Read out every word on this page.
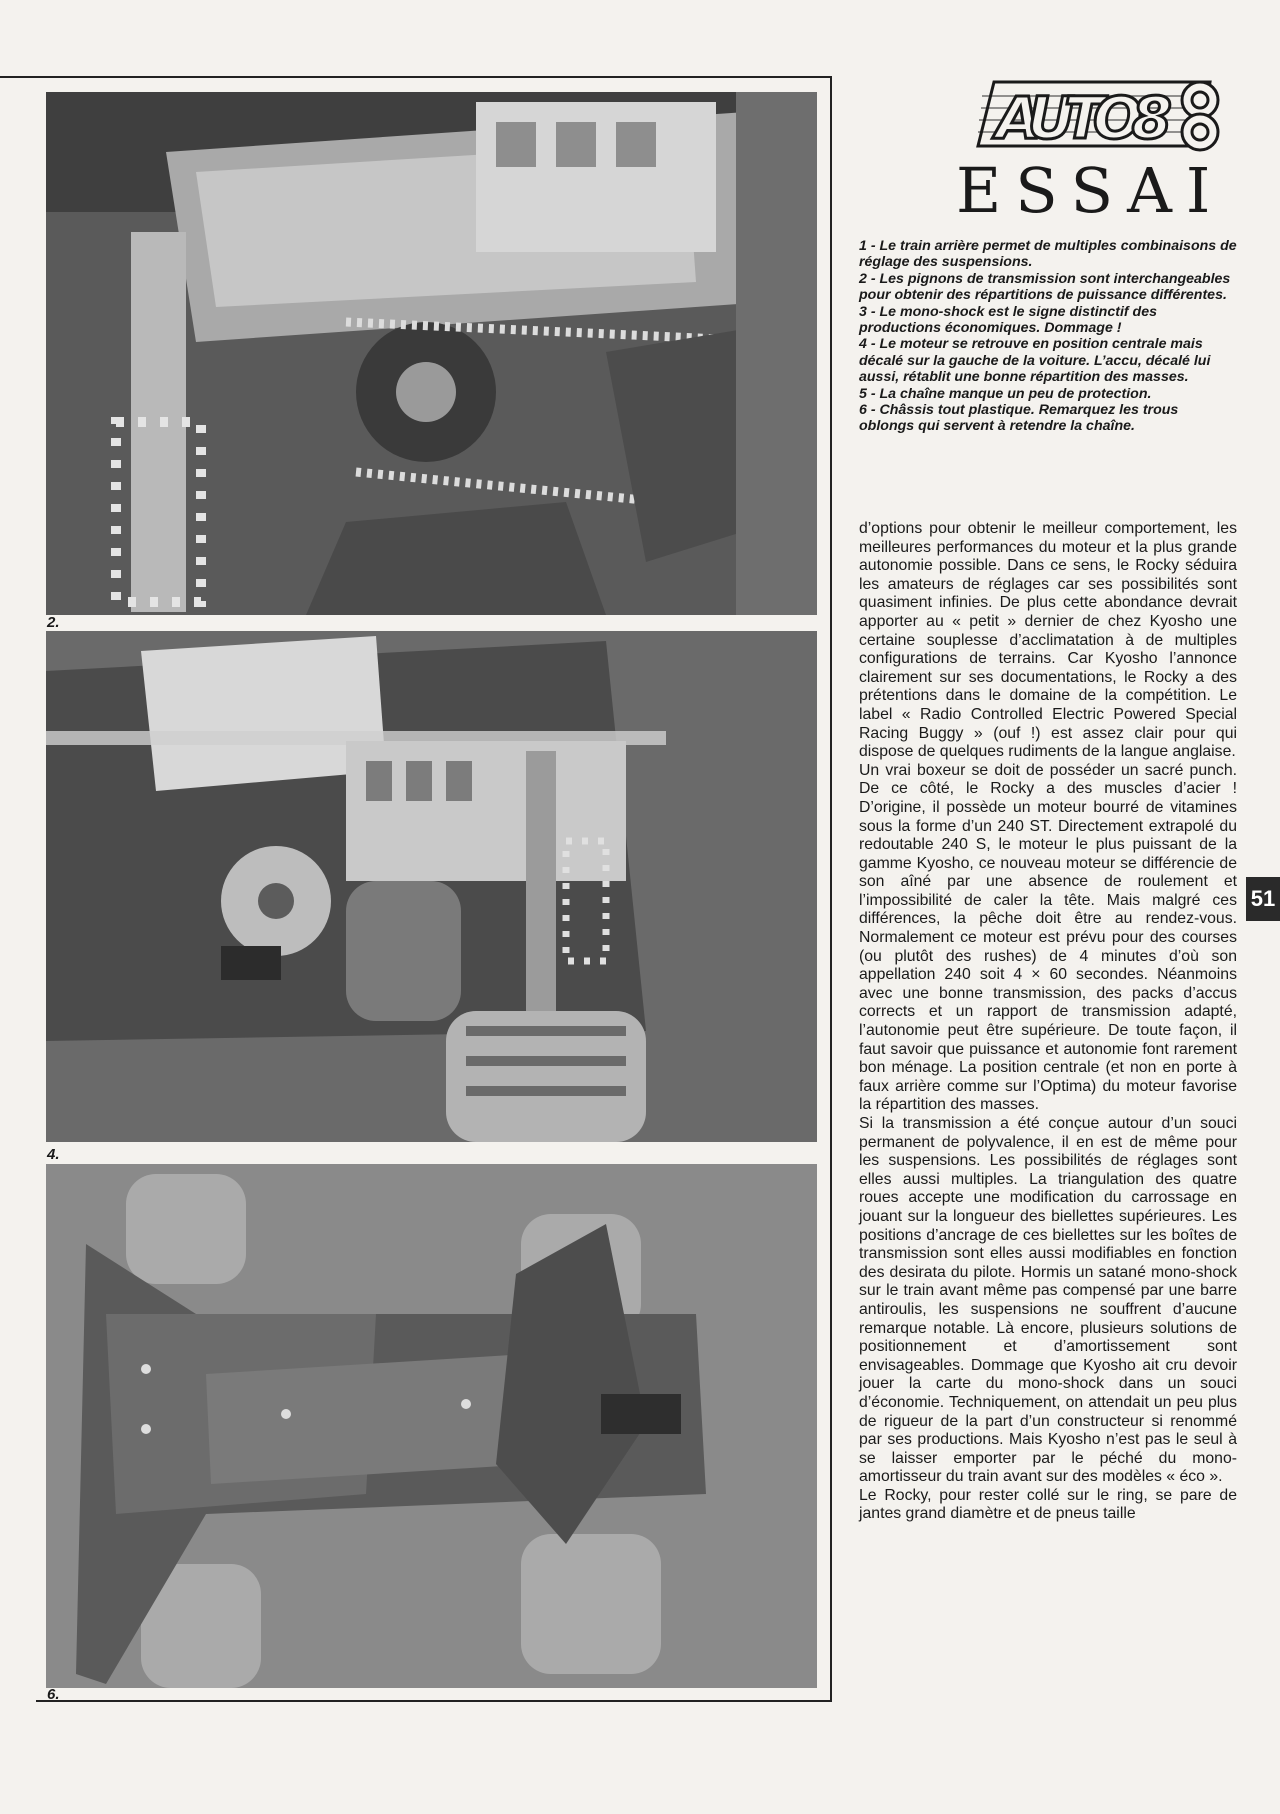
2.
4.
6.
AUTO8
ESSAI

1 - Le train arrière permet de multiples combinaisons de réglage des suspensions.

2 - Les pignons de transmission sont interchangeables pour obtenir des répartitions de puissance différentes.

3 - Le mono-shock est le signe distinctif des productions économiques. Dommage !

4 - Le moteur se retrouve en position centrale mais décalé sur la gauche de la voiture. L’accu, décalé lui aussi, rétablit une bonne répartition des masses.

5 - La chaîne manque un peu de protection.

6 - Châssis tout plastique. Remarquez les trous oblongs qui servent à retendre la chaîne.

d’options pour obtenir le meilleur comportement, les meilleures performances du moteur et la plus grande autonomie possible. Dans ce sens, le Rocky séduira les amateurs de réglages car ses possibilités sont quasiment infinies. De plus cette abondance devrait apporter au « petit » dernier de chez Kyosho une certaine souplesse d’acclimatation à de multiples configurations de terrains. Car Kyosho l’annonce clairement sur ses documentations, le Rocky a des prétentions dans le domaine de la compétition. Le label « Radio Controlled Electric Powered Special Racing Buggy » (ouf !) est assez clair pour qui dispose de quelques rudiments de la langue anglaise.

Un vrai boxeur se doit de posséder un sacré punch. De ce côté, le Rocky a des muscles d’acier ! D’origine, il possède un moteur bourré de vitamines sous la forme d’un 240 ST. Directement extrapolé du redoutable 240 S, le moteur le plus puissant de la gamme Kyosho, ce nouveau moteur se différencie de son aîné par une absence de roulement et l’impossibilité de caler la tête. Mais malgré ces différences, la pêche doit être au rendez-vous. Normalement ce moteur est prévu pour des courses (ou plutôt des rushes) de 4 minutes d’où son appellation 240 soit 4 × 60 secondes. Néanmoins avec une bonne transmission, des packs d’accus corrects et un rapport de transmission adapté, l’autonomie peut être supérieure. De toute façon, il faut savoir que puissance et autonomie font rarement bon ménage. La position centrale (et non en porte à faux arrière comme sur l’Optima) du moteur favorise la répartition des masses.

Si la transmission a été conçue autour d’un souci permanent de polyvalence, il en est de même pour les suspensions. Les possibilités de réglages sont elles aussi multiples. La triangulation des quatre roues accepte une modification du carrossage en jouant sur la longueur des biellettes supérieures. Les positions d’ancrage de ces biellettes sur les boîtes de transmission sont elles aussi modifiables en fonction des desirata du pilote. Hormis un satané mono-shock sur le train avant même pas compensé par une barre antiroulis, les suspensions ne souffrent d’aucune remarque notable. Là encore, plusieurs solutions de positionnement et d’amortissement sont envisageables. Dommage que Kyosho ait cru devoir jouer la carte du mono-shock dans un souci d’économie. Techniquement, on attendait un peu plus de rigueur de la part d’un constructeur si renommé par ses productions. Mais Kyosho n’est pas le seul à se laisser emporter par le péché du mono-amortisseur du train avant sur des modèles « éco ».

Le Rocky, pour rester collé sur le ring, se pare de jantes grand diamètre et de pneus taille

51
